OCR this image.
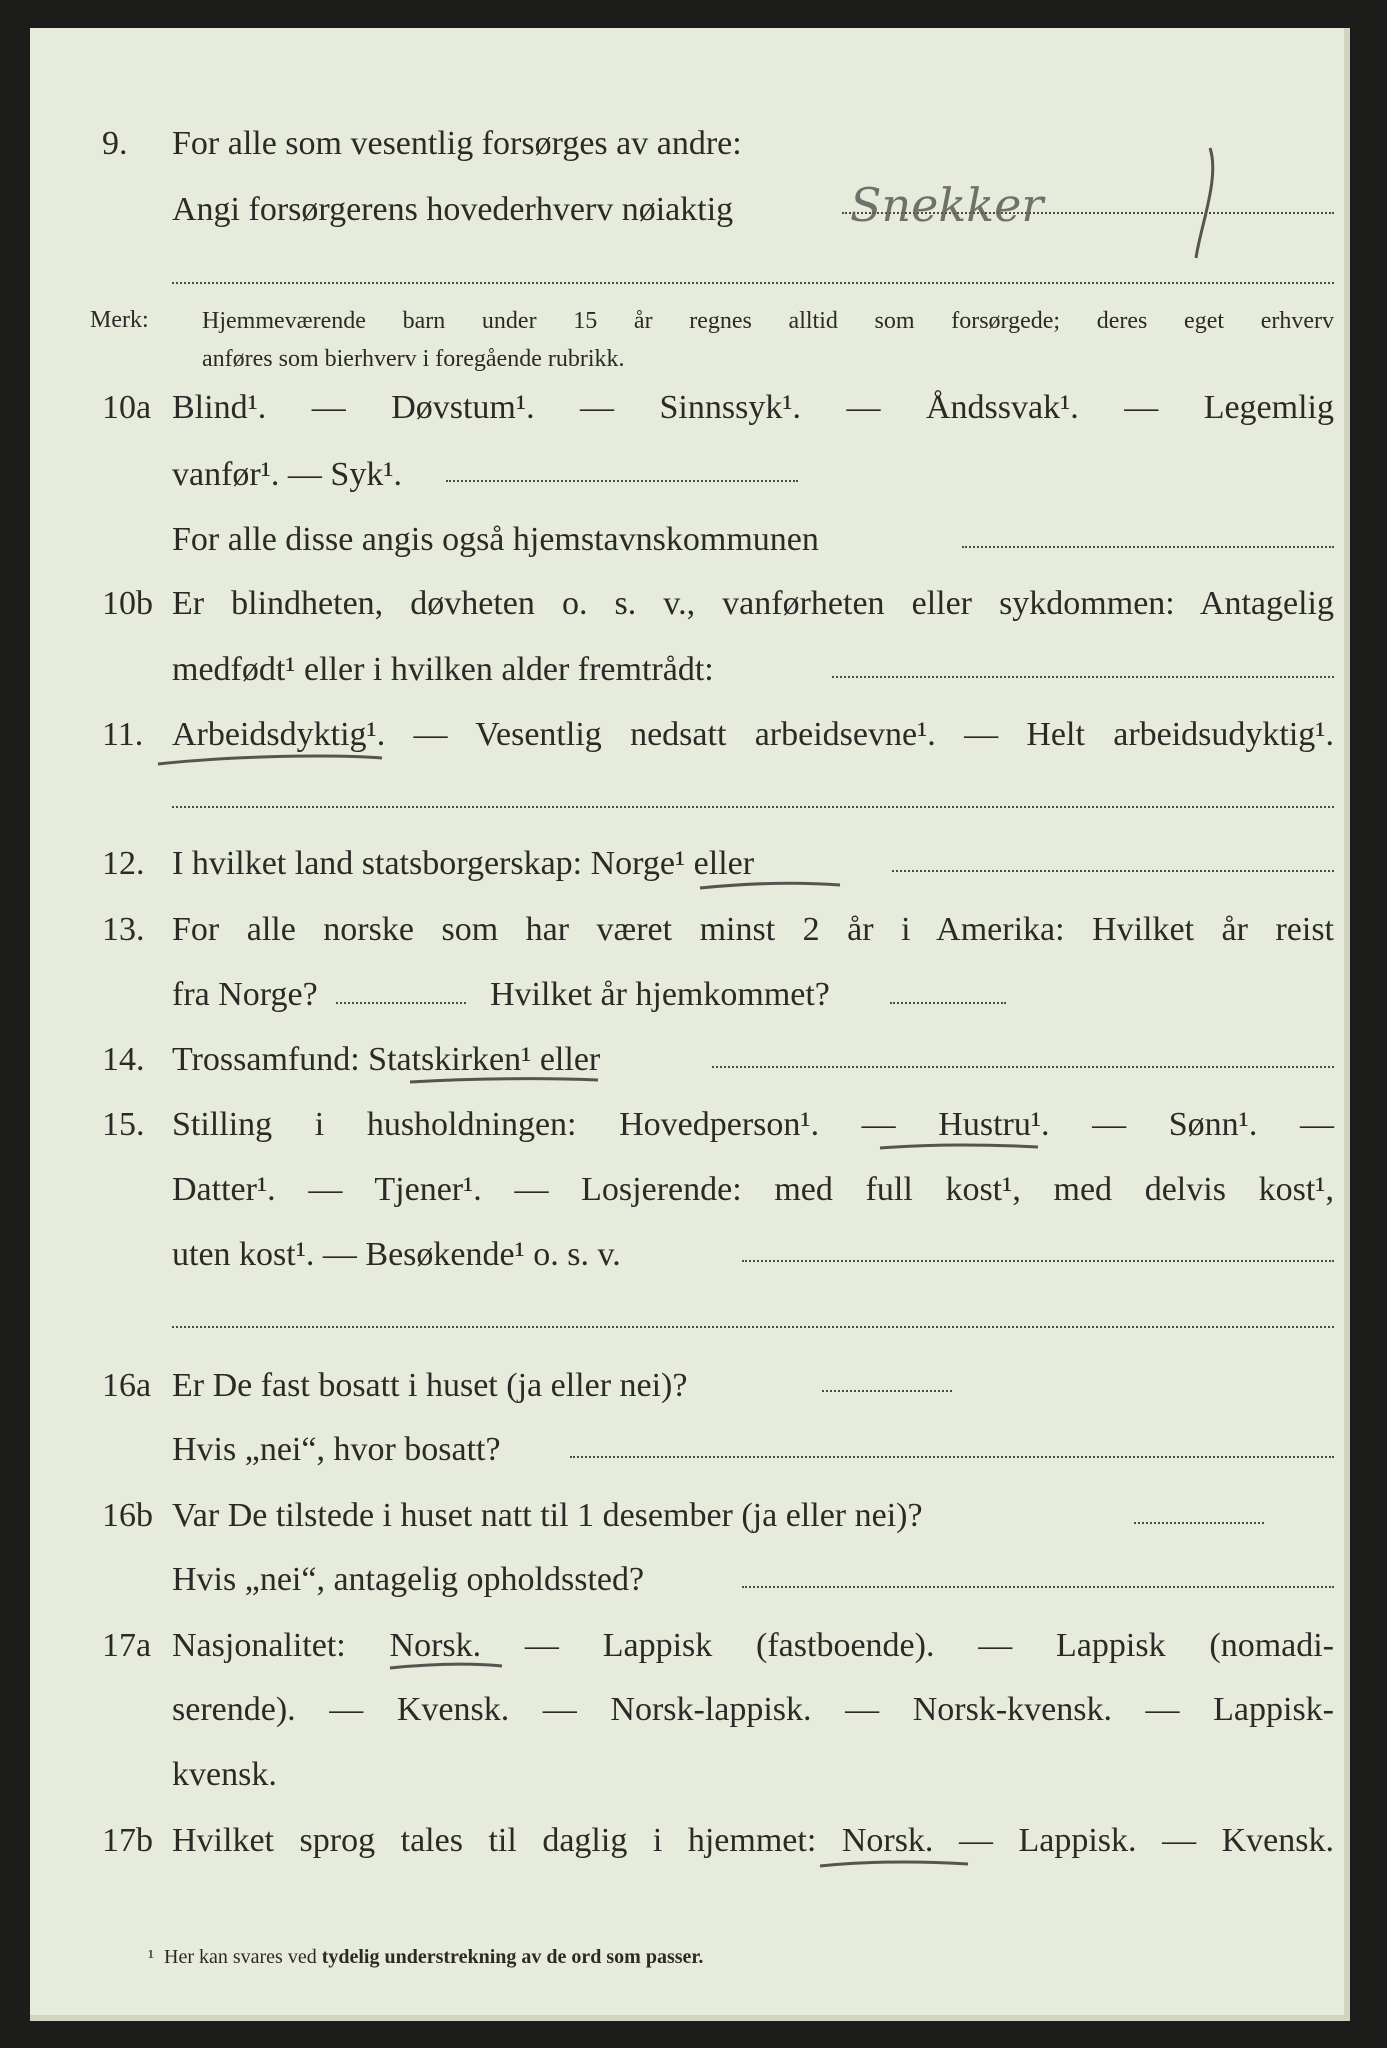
9. For alle som vesentlig forsørges av andre:
Angi forsørgerens hovederhverv nøiaktig	Snekker
Merk: Hjemmeværende barn under 15 år regnes alltid som forsørgede; deres eget erhverv
anføres som bierhverv i foregående rubrikk.
10a Blind¹. — Døvstum¹. — Sinnssyk¹. — Åndssvak¹. — Legemlig
vanfør¹. — Syk¹.
For alle disse angis også hjemstavnskommunen
10b Er blindheten, døvheten o. s. v., vanførheten eller sykdommen: Antagelig
medfødt¹ eller i hvilken alder fremtrådt:
11. Arbeidsdyktig¹. — Vesentlig nedsatt arbeidsevne¹. — Helt arbeidsudyktig¹.
12. I hvilket land statsborgerskap: Norge¹ eller
13. For alle norske som har været minst 2 år i Amerika: Hvilket år reist
fra Norge?	Hvilket år hjemkommet?
14. Trossamfund: Statskirken¹ eller
15. Stilling i husholdningen: Hovedperson¹. — Hustru¹. — Sønn¹. —
Datter¹. — Tjener¹. — Losjerende: med full kost¹, med delvis kost¹,
uten kost¹. — Besøkende¹ o. s. v.
16a Er De fast bosatt i huset (ja eller nei)?
Hvis „nei“, hvor bosatt?
16b Var De tilstede i huset natt til 1 desember (ja eller nei)?
Hvis „nei“, antagelig opholdssted?
17a Nasjonalitet: Norsk. — Lappisk (fastboende). — Lappisk (nomadi-
serende). — Kvensk. — Norsk-lappisk. — Norsk-kvensk. — Lappisk-
kvensk.
17b Hvilket sprog tales til daglig i hjemmet: Norsk. — Lappisk. — Kvensk.
¹ Her kan svares ved tydelig understrekning av de ord som passer.
